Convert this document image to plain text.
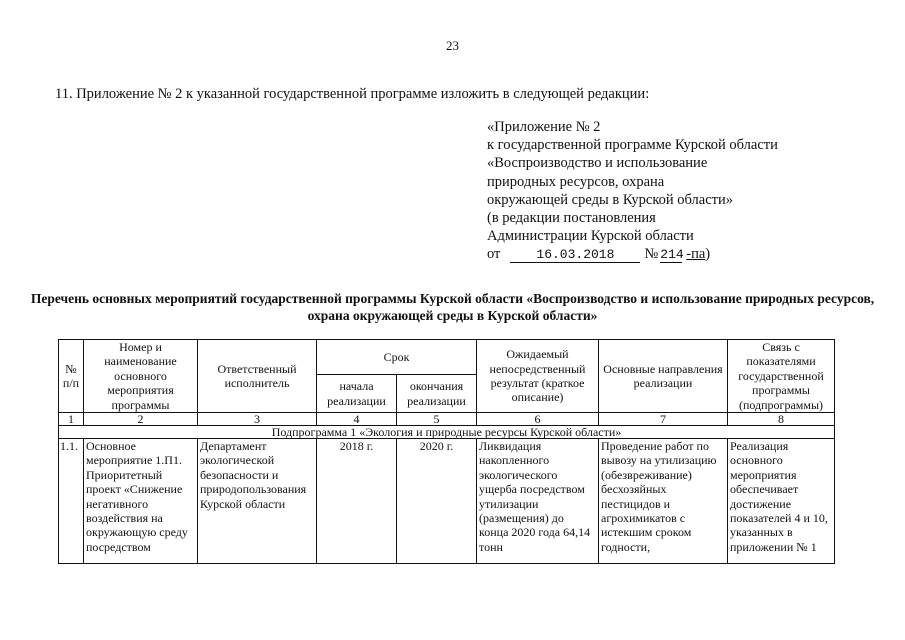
23
11. Приложение № 2 к указанной государственной программе изложить в следующей редакции:
«Приложение № 2
к государственной программе Курской области
«Воспроизводство и использование
природных ресурсов, охрана
окружающей среды в Курской области»
(в редакции постановления
Администрации Курской области
от	16.03.2018	№ 214 -па )
Перечень основных мероприятий государственной программы Курской области «Воспроизводство и использование природных ресурсов, охрана окружающей среды в Курской области»
№ п/п	Номер и наименование основного мероприятия программы	Ответственный исполнитель	Срок		Ожидаемый непосредственный результат (краткое описание)	Основные направления реализации	Связь с показателями государственной программы (подпрограммы)
			начала реализации	окончания реализации			
1	2	3	4	5	6	7	8
Подпрограмма 1 «Экология и природные ресурсы Курской области»							
1.1.	Основное мероприятие 1.П1. Приоритетный проект «Снижение негативного воздействия на окружающую среду посредством	Департамент экологической безопасности и природопользования Курской области	2018 г.	2020 г.	Ликвидация накопленного экологического ущерба посредством утилизации (размещения) до конца 2020 года 64,14 тонн	Проведение работ по вывозу на утилизацию (обезвреживание) бесхозяйных пестицидов и агрохимикатов с истекшим сроком годности,	Реализация основного мероприятия обеспечивает достижение показателей 4 и 10, указанных в приложении № 1
